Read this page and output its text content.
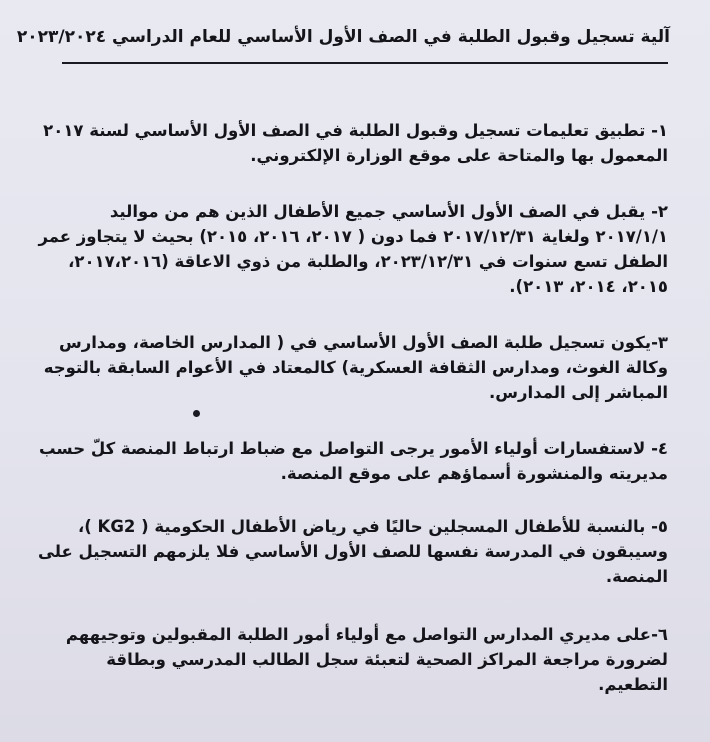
آلية تسجيل وقبول الطلبة في الصف الأول الأساسي للعام الدراسي ٢٠٢٣/٢٠٢٤

١- تطبيق تعليمات تسجيل وقبول الطلبة في الصف الأول الأساسي لسنة ٢٠١٧ المعمول بها والمتاحة على موقع الوزارة الإلكتروني.

٢- يقبل في الصف الأول الأساسي جميع الأطفال الذين هم من مواليد ٢٠١٧/١/١ ولغاية ٢٠١٧/١٢/٣١ فما دون ( ٢٠١٧، ٢٠١٦، ٢٠١٥) بحيث لا يتجاوز عمر الطفل تسع سنوات في ٢٠٢٣/١٢/٣١، والطلبة من ذوي الاعاقة (٢٠١٧،٢٠١٦، ٢٠١٥، ٢٠١٤، ٢٠١٣).

٣-يكون تسجيل طلبة الصف الأول الأساسي في ( المدارس الخاصة، ومدارس وكالة الغوث، ومدارس الثقافة العسكرية) كالمعتاد في الأعوام السابقة بالتوجه المباشر إلى المدارس.

٤- لاستفسارات أولياء الأمور يرجى التواصل مع ضباط ارتباط المنصة كلّ حسب مديريته والمنشورة أسماؤهم على موقع المنصة.

٥- بالنسبة للأطفال المسجلين حاليًا في رياض الأطفال الحكومية ( KG2 )، وسيبقون في المدرسة نفسها للصف الأول الأساسي فلا يلزمهم التسجيل على المنصة.

٦-على مديري المدارس التواصل مع أولياء أمور الطلبة المقبولين وتوجيههم لضرورة مراجعة المراكز الصحية لتعبئة سجل الطالب المدرسي وبطاقة التطعيم.
